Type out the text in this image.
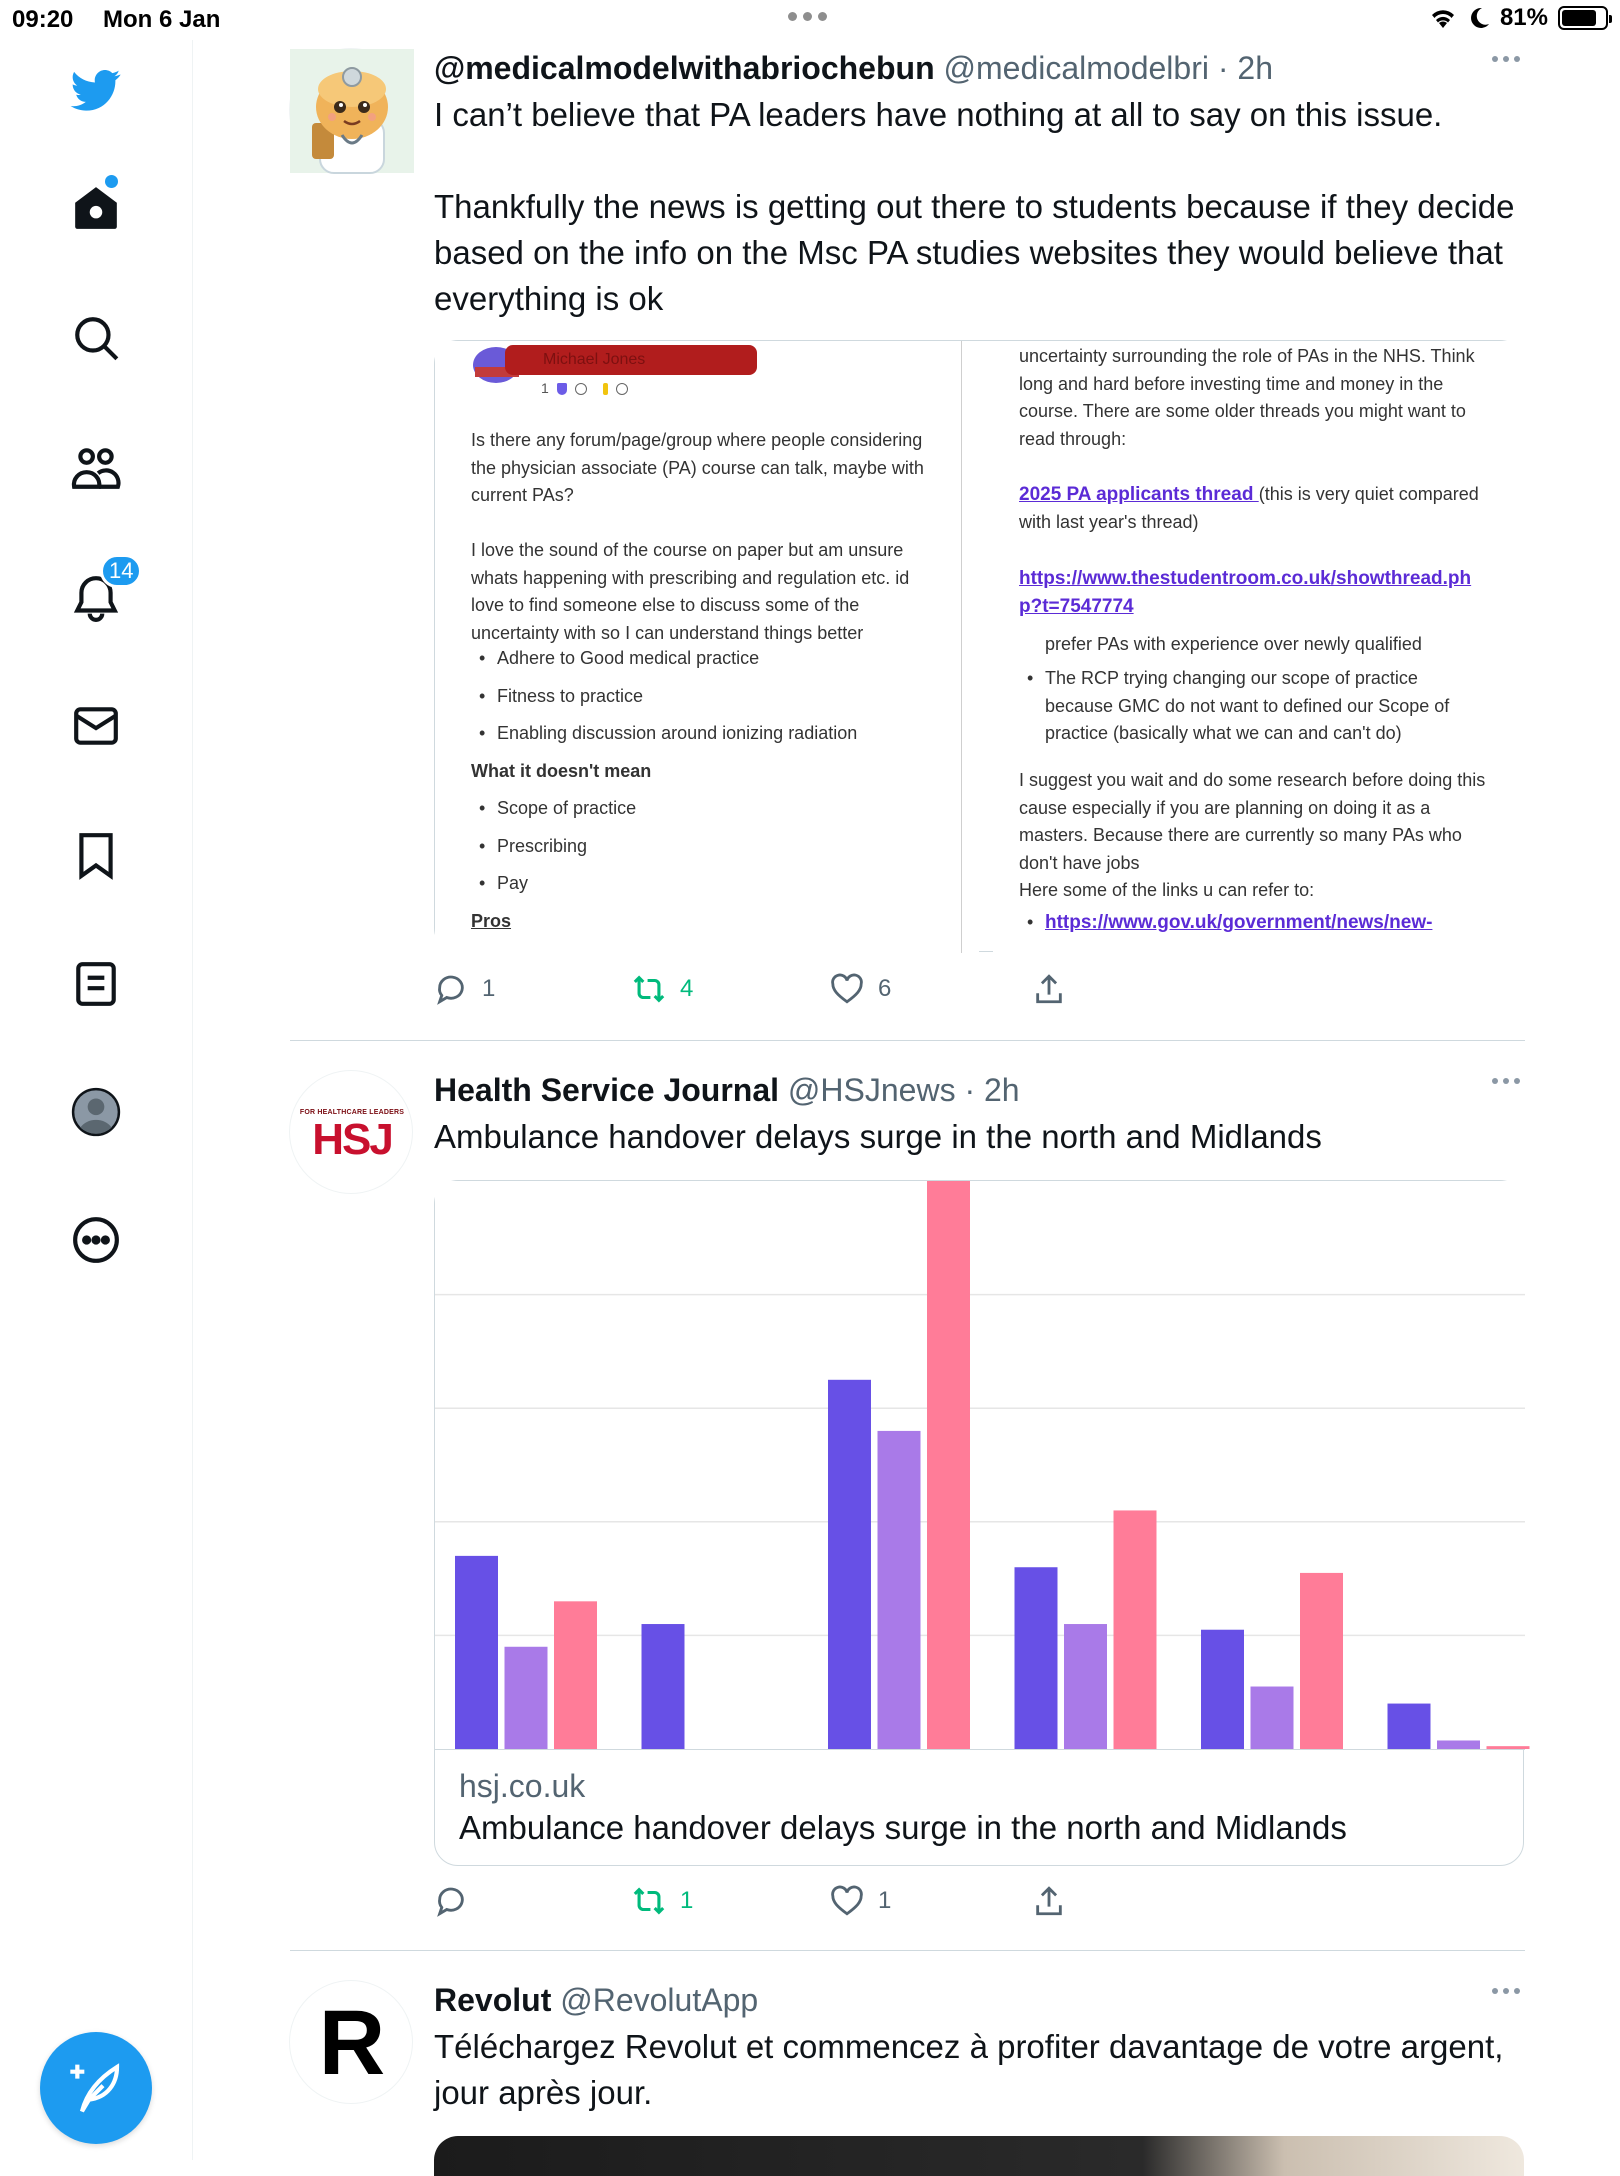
09:20 Mon 6 Jan	81%
14
@medicalmodelwithabriochebun @medicalmodelbri · 2h
I can’t believe that PA leaders have nothing at all to say on this issue.

Thankfully the news is getting out there to students because if they decide based on the info on the Msc PA studies websites they would believe that everything is ok
Michael Jones
1
Is there any forum/page/group where people considering the physician associate (PA) course can talk, maybe with current PAs?
I love the sound of the course on paper but am unsure whats happening with prescribing and regulation etc. id love to find someone else to discuss some of the uncertainty with so I can understand things better
• Adhere to Good medical practice
• Fitness to practice
• Enabling discussion around ionizing radiation
What it doesn't mean
• Scope of practice
• Prescribing
• Pay
Pros
uncertainty surrounding the role of PAs in the NHS. Think long and hard before investing time and money in the course. There are some older threads you might want to read through:
2025 PA applicants thread (this is very quiet compared with last year's thread)
https://www.thestudentroom.co.uk/showthread.php?t=7547774
prefer PAs with experience over newly qualified
• The RCP trying changing our scope of practice because GMC do not want to defined our Scope of practice (basically what we can and can't do)
I suggest you wait and do some research before doing this cause especially if you are planning on doing it as a masters. Because there are currently so many PAs who don't have jobs
Here some of the links u can refer to:
• https://www.gov.uk/government/news/new-
1	4	6
FOR HEALTHCARE LEADERS
HSJ
Health Service Journal @HSJnews · 2h
Ambulance handover delays surge in the north and Midlands
hsj.co.uk
Ambulance handover delays surge in the north and Midlands
1	1
R	Revolut @RevolutApp
Téléchargez Revolut et commencez à profiter davantage de votre argent, jour après jour.
